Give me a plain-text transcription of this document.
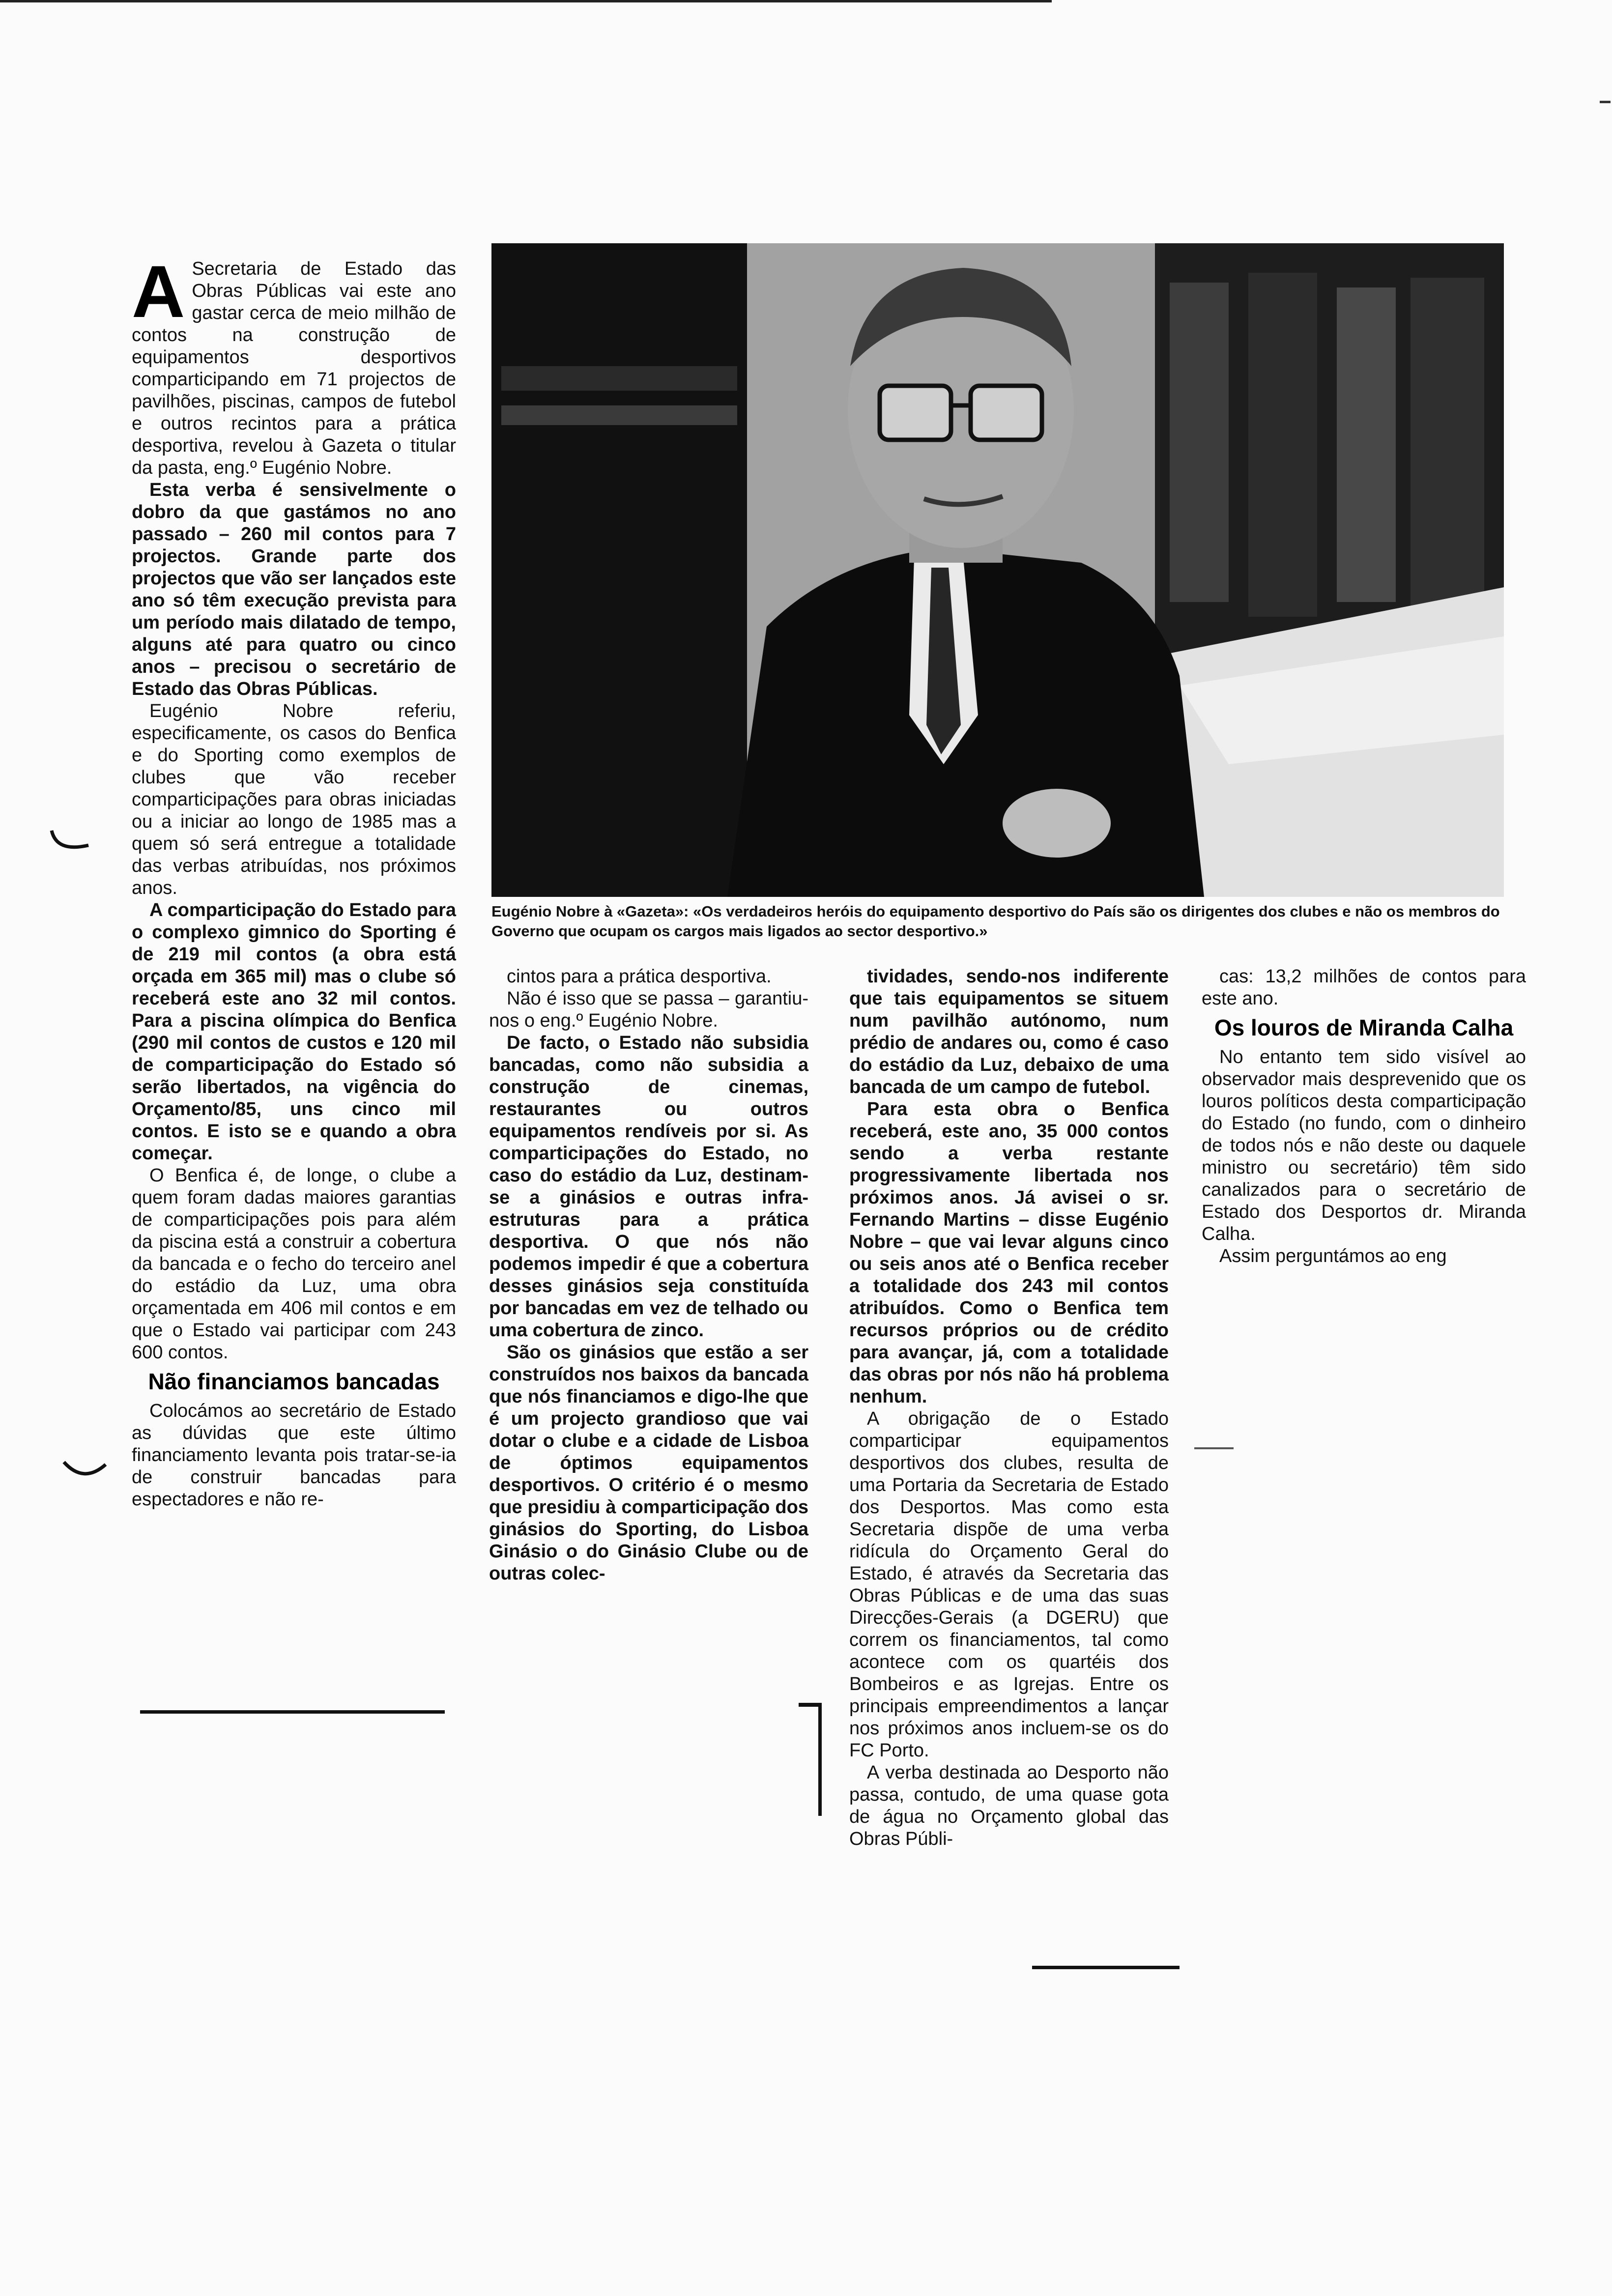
A Secretaria de Estado das Obras Públicas vai este ano gastar cerca de meio milhão de contos na construção de equipamentos desportivos comparticipando em 71 projectos de pavilhões, piscinas, campos de futebol e outros recintos para a prática desportiva, revelou à Gazeta o titular da pasta, eng.º Eugénio Nobre.

Esta verba é sensivelmente o dobro da que gastámos no ano passado – 260 mil contos para 7 projectos. Grande parte dos projectos que vão ser lançados este ano só têm execução prevista para um período mais dilatado de tempo, alguns até para quatro ou cinco anos – precisou o secretário de Estado das Obras Públicas.

Eugénio Nobre referiu, especificamente, os casos do Benfica e do Sporting como exemplos de clubes que vão receber comparticipações para obras iniciadas ou a iniciar ao longo de 1985 mas a quem só será entregue a totalidade das verbas atribuídas, nos próximos anos.

A comparticipação do Estado para o complexo gimnico do Sporting é de 219 mil contos (a obra está orçada em 365 mil) mas o clube só receberá este ano 32 mil contos. Para a piscina olímpica do Benfica (290 mil contos de custos e 120 mil de comparticipação do Estado só serão libertados, na vigência do Orçamento/85, uns cinco mil contos. E isto se e quando a obra começar.

O Benfica é, de longe, o clube a quem foram dadas maiores garantias de comparticipações pois para além da piscina está a construir a cobertura da bancada e o fecho do terceiro anel do estádio da Luz, uma obra orçamentada em 406 mil contos e em que o Estado vai participar com 243 600 contos.

Não financiamos bancadas

Colocámos ao secretário de Estado as dúvidas que este último financiamento levanta pois tratar-se-ia de construir bancadas para espectadores e não re-

Eugénio Nobre à «Gazeta»: «Os verdadeiros heróis do equipamento desportivo do País são os dirigentes dos clubes e não os membros do Governo que ocupam os cargos mais ligados ao sector desportivo.»

cintos para a prática desportiva.

Não é isso que se passa – garantiu-nos o eng.º Eugénio Nobre.

De facto, o Estado não subsidia bancadas, como não subsidia a construção de cinemas, restaurantes ou outros equipamentos rendíveis por si. As comparticipações do Estado, no caso do estádio da Luz, destinam-se a ginásios e outras infra-estruturas para a prática desportiva. O que nós não podemos impedir é que a cobertura desses ginásios seja constituída por bancadas em vez de telhado ou uma cobertura de zinco.

São os ginásios que estão a ser construídos nos baixos da bancada que nós financiamos e digo-lhe que é um projecto grandioso que vai dotar o clube e a cidade de Lisboa de óptimos equipamentos desportivos. O critério é o mesmo que presidiu à comparticipação dos ginásios do Sporting, do Lisboa Ginásio o do Ginásio Clube ou de outras colec-

tividades, sendo-nos indiferente que tais equipamentos se situem num pavilhão autónomo, num prédio de andares ou, como é caso do estádio da Luz, debaixo de uma bancada de um campo de futebol.

Para esta obra o Benfica receberá, este ano, 35 000 contos sendo a verba restante progressivamente libertada nos próximos anos. Já avisei o sr. Fernando Martins – disse Eugénio Nobre – que vai levar alguns cinco ou seis anos até o Benfica receber a totalidade dos 243 mil contos atribuídos. Como o Benfica tem recursos próprios ou de crédito para avançar, já, com a totalidade das obras por nós não há problema nenhum.

A obrigação de o Estado comparticipar equipamentos desportivos dos clubes, resulta de uma Portaria da Secretaria de Estado dos Desportos. Mas como esta Secretaria dispõe de uma verba ridícula do Orçamento Geral do Estado, é através da Secretaria das Obras Públicas e de uma das suas Direcções-Gerais (a DGERU) que correm os financiamentos, tal como acontece com os quartéis dos Bombeiros e as Igrejas. Entre os principais empreendimentos a lançar nos próximos anos incluem-se os do FC Porto.

A verba destinada ao Desporto não passa, contudo, de uma quase gota de água no Orçamento global das Obras Públi-

cas: 13,2 milhões de contos para este ano.

Os louros de Miranda Calha

No entanto tem sido visível ao observador mais desprevenido que os louros políticos desta comparticipação do Estado (no fundo, com o dinheiro de todos nós e não deste ou daquele ministro ou secretário) têm sido canalizados para o secretário de Estado dos Desportos dr. Miranda Calha.

Assim perguntámos ao eng
